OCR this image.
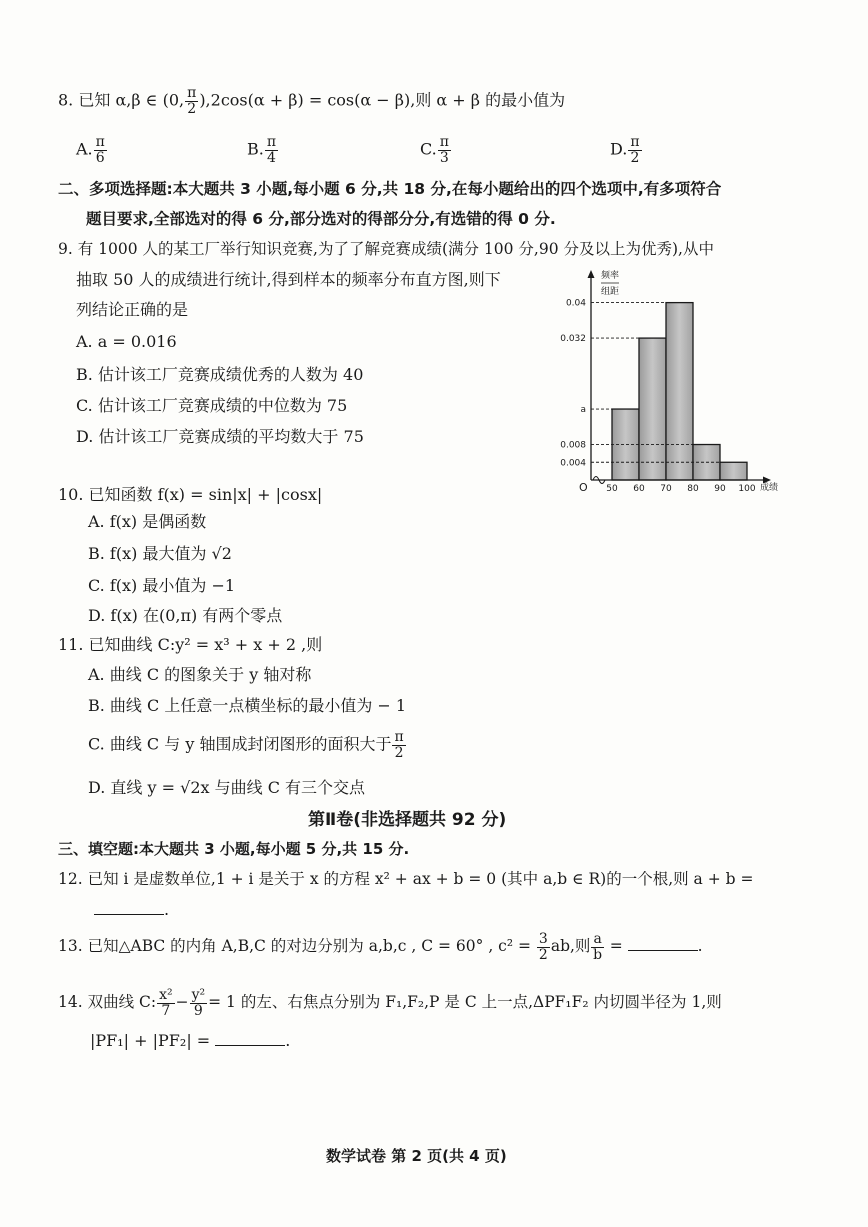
8. 已知 α,β ∈ (0, $\frac{\pi}{2} ),2\cos(\alpha + \beta) = \cos(\alpha - \beta)$,则 α + β 的最小值为
A. $\frac{\pi}{6}$	B. $\frac{\pi}{4}$	C. $\frac{\pi}{3}$	D. $\frac{\pi}{2}$
二、多项选择题:本大题共 3 小题,每小题 6 分,共 18 分,在每小题给出的四个选项中,有多项符合
题目要求,全部选对的得 6 分,部分选对的得部分分,有选错的得 0 分.
9. 有 1000 人的某工厂举行知识竞赛,为了了解竞赛成绩(满分 100 分,90 分及以上为优秀),从中
抽取 50 人的成绩进行统计,得到样本的频率分布直方图,则下
列结论正确的是
A. a = 0.016
B. 估计该工厂竞赛成绩优秀的人数为 40
C. 估计该工厂竞赛成绩的中位数为 75
D. 估计该工厂竞赛成绩的平均数大于 75
频率
组距
成绩
O
0.04
0.032
a
0.008
0.004
50 60 70 80 90 100
10. 已知函数 f(x) = sin|x| + |cosx|
A. f(x) 是偶函数
B. f(x) 最大值为 √2
C. f(x) 最小值为 −1
D. f(x) 在(0,π) 有两个零点
11. 已知曲线 C:y² = x³ + x + 2 ,则
A. 曲线 C 的图象关于 y 轴对称
B. 曲线 C 上任意一点横坐标的最小值为 − 1
C. 曲线 C 与 y 轴围成封闭图形的面积大于 $\frac{\pi}{2}$
D. 直线 y = √2x 与曲线 C 有三个交点
第Ⅱ卷(非选择题共 92 分)
三、填空题:本大题共 3 小题,每小题 5 分,共 15 分.
12. 已知 i 是虚数单位,1 + i 是关于 x 的方程 x² + ax + b = 0 (其中 a,b ∈ R)的一个根,则 a + b =
.
13. 已知△ABC 的内角 A,B,C 的对边分别为 a,b,c , C = 60° , $c^2 = \frac{3}{2}$ ab,则 $\frac{a}{b}$ =	.
14. 双曲线 C: $\frac{\text{x²}}{7} - \frac{\text{y²}}{9} = 1$ 的左、右焦点分别为 F₁,F₂,P 是 C 上一点,ΔPF₁F₂ 内切圆半径为 1,则
|PF₁| + |PF₂| =	.
数学试卷 第 2 页(共 4 页)
